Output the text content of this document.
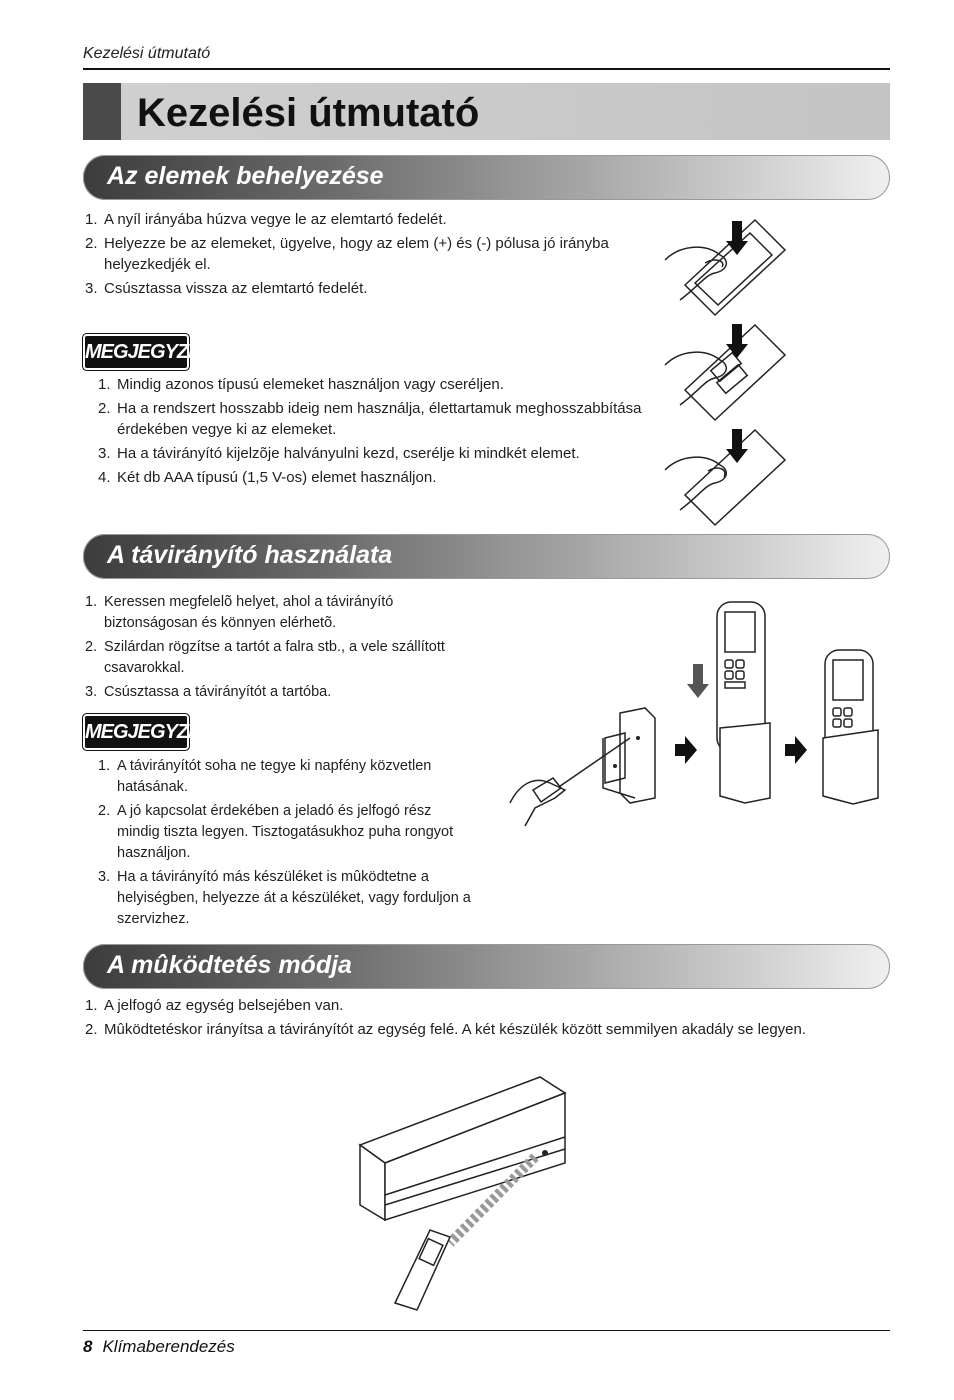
Kezelési útmutató
Kezelési útmutató
Az elemek behelyezése
1. A nyíl irányába húzva vegye le az elemtartó fedelét.
2. Helyezze be az elemeket, ügyelve, hogy az elem (+) és (-) pólusa jó irányba helyezkedjék el.
3. Csúsztassa vissza az elemtartó fedelét.
MEGJEGYZÉS
1. Mindig azonos típusú elemeket használjon vagy cseréljen.
2. Ha a rendszert hosszabb ideig nem használja, élettartamuk meghosszabbítása érdekében vegye ki az elemeket.
3. Ha a távirányító kijelzõje halványulni kezd, cserélje ki mindkét elemet.
4. Két db AAA típusú (1,5 V-os) elemet használjon.
A távirányító használata
1. Keressen megfelelõ helyet, ahol a távirányító biztonságosan és könnyen elérhetõ.
2. Szilárdan rögzítse a tartót a falra stb., a vele szállított csavarokkal.
3. Csúsztassa a távirányítót a tartóba.
MEGJEGYZÉS
1. A távirányítót soha ne tegye ki napfény közvetlen hatásának.
2. A jó kapcsolat érdekében a jeladó és jelfogó rész mindig tiszta legyen. Tisztogatásukhoz puha rongyot használjon.
3. Ha a távirányító más készüléket is mûködtetne a helyiségben, helyezze át a készüléket, vagy forduljon a szervizhez.
A mûködtetés módja
1. A jelfogó az egység belsejében van.
2. Mûködtetéskor irányítsa a távirányítót az egység felé. A két készülék között semmilyen akadály se legyen.
8 Klímaberendezés
